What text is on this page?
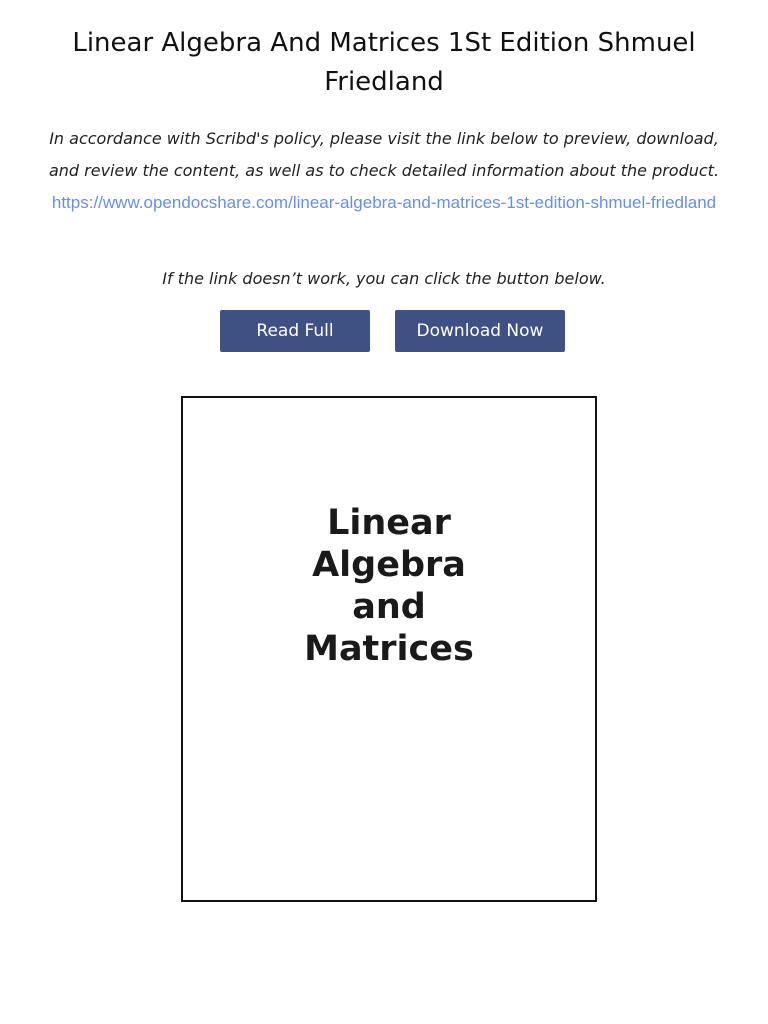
Linear Algebra And Matrices 1St Edition Shmuel Friedland
In accordance with Scribd's policy, please visit the link below to preview, download, and review the content, as well as to check detailed information about the product.
https://www.opendocshare.com/linear-algebra-and-matrices-1st-edition-shmuel-friedland
If the link doesn’t work, you can click the button below.
Read Full	Download Now
Linear
Algebra
and
Matrices
